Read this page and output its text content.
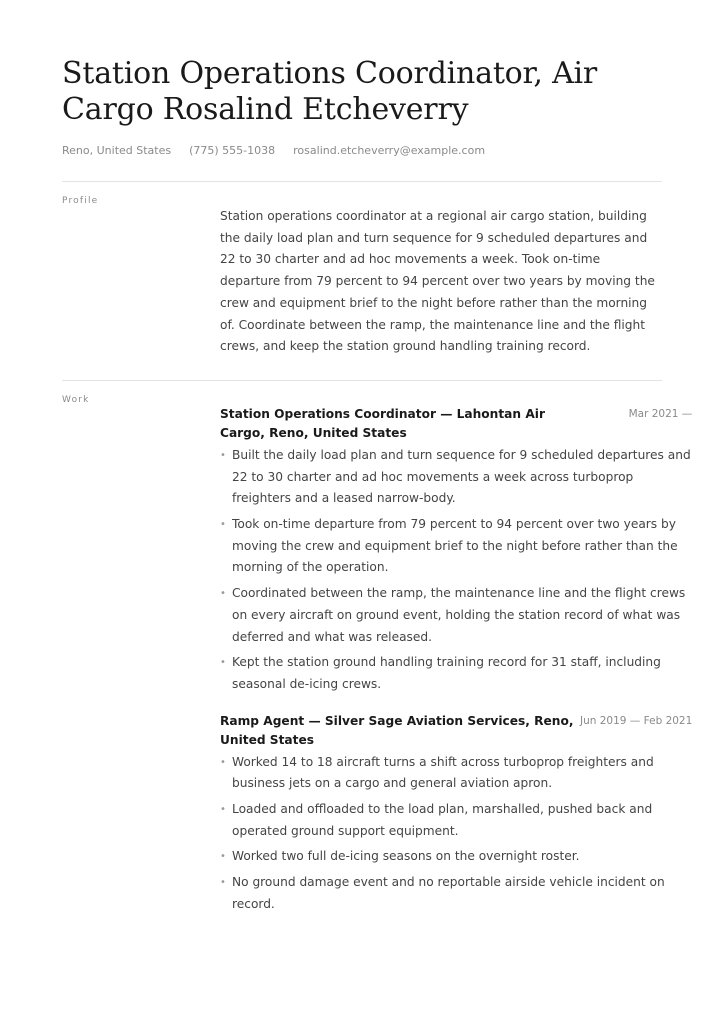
Station Operations Coordinator, Air Cargo Rosalind Etcheverry
Reno, United States (775) 555-1038 rosalind.etcheverry@example.com
Profile

Station operations coordinator at a regional air cargo station, building the daily load plan and turn sequence for 9 scheduled departures and 22 to 30 charter and ad hoc movements a week. Took on-time departure from 79 percent to 94 percent over two years by moving the crew and equipment brief to the night before rather than the morning of. Coordinate between the ramp, the maintenance line and the flight crews, and keep the station ground handling training record.

Work
Station Operations Coordinator — Lahontan Air Cargo, Reno, United States
Mar 2021 —
• Built the daily load plan and turn sequence for 9 scheduled departures and 22 to 30 charter and ad hoc movements a week across turboprop freighters and a leased narrow-body.
• Took on-time departure from 79 percent to 94 percent over two years by moving the crew and equipment brief to the night before rather than the morning of the operation.
• Coordinated between the ramp, the maintenance line and the flight crews on every aircraft on ground event, holding the station record of what was deferred and what was released.
• Kept the station ground handling training record for 31 staff, including seasonal de-icing crews.
Ramp Agent — Silver Sage Aviation Services, Reno, United States
Jun 2019 — Feb 2021
• Worked 14 to 18 aircraft turns a shift across turboprop freighters and business jets on a cargo and general aviation apron.
• Loaded and offloaded to the load plan, marshalled, pushed back and operated ground support equipment.
• Worked two full de-icing seasons on the overnight roster.
• No ground damage event and no reportable airside vehicle incident on record.
